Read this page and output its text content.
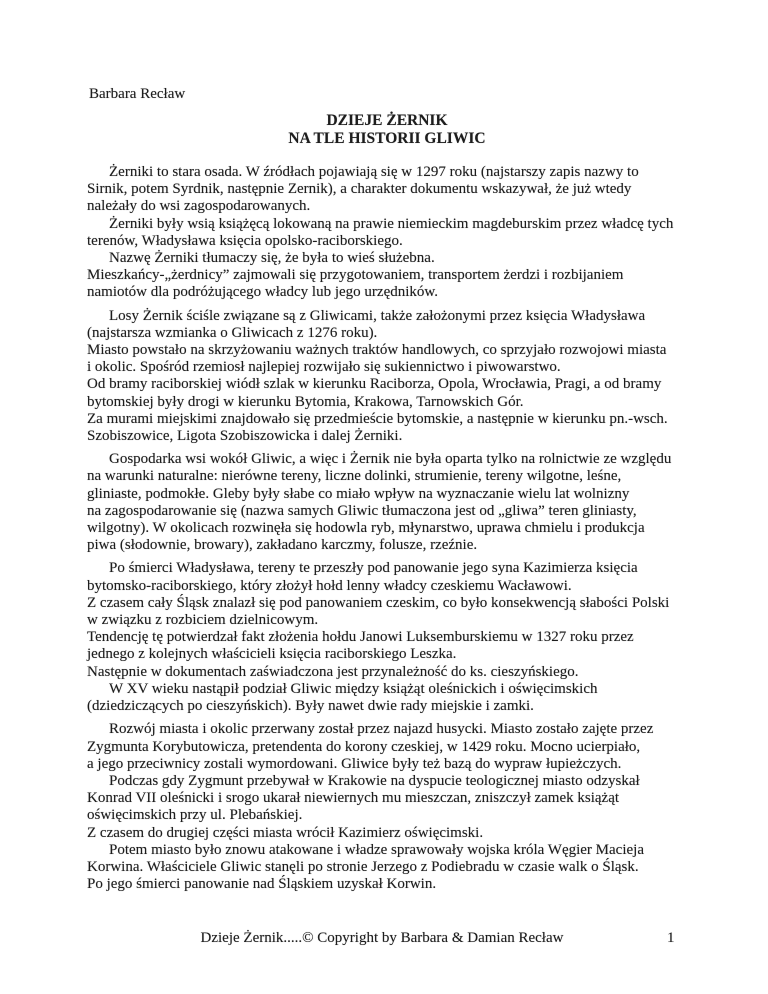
Barbara Recław
DZIEJE ŻERNIK
NA TLE HISTORII GLIWIC
Żerniki to stara osada. W źródłach pojawiają się w 1297 roku (najstarszy zapis nazwy to
Sirnik, potem Syrdnik, następnie Zernik), a charakter dokumentu wskazywał, że już wtedy
należały do wsi zagospodarowanych.
Żerniki były wsią książęcą lokowaną na prawie niemieckim magdeburskim przez władcę tych
terenów, Władysława księcia opolsko-raciborskiego.
Nazwę Żerniki tłumaczy się, że była to wieś służebna.
Mieszkańcy-„żerdnicy” zajmowali się przygotowaniem, transportem żerdzi i rozbijaniem
namiotów dla podróżującego władcy lub jego urzędników.
Losy Żernik ściśle związane są z Gliwicami, także założonymi przez księcia Władysława
(najstarsza wzmianka o Gliwicach z 1276 roku).
Miasto powstało na skrzyżowaniu ważnych traktów handlowych, co sprzyjało rozwojowi miasta
i okolic. Spośród rzemiosł najlepiej rozwijało się sukiennictwo i piwowarstwo.
Od bramy raciborskiej wiódł szlak w kierunku Raciborza, Opola, Wrocławia, Pragi, a od bramy
bytomskiej były drogi w kierunku Bytomia, Krakowa, Tarnowskich Gór.
Za murami miejskimi znajdowało się przedmieście bytomskie, a następnie w kierunku pn.-wsch.
Szobiszowice, Ligota Szobiszowicka i dalej Żerniki.
Gospodarka wsi wokół Gliwic, a więc i Żernik nie była oparta tylko na rolnictwie ze względu
na warunki naturalne: nierówne tereny, liczne dolinki, strumienie, tereny wilgotne, leśne,
gliniaste, podmokłe. Gleby były słabe co miało wpływ na wyznaczanie wielu lat wolnizny
na zagospodarowanie się (nazwa samych Gliwic tłumaczona jest od „gliwa” teren gliniasty,
wilgotny). W okolicach rozwinęła się hodowla ryb, młynarstwo, uprawa chmielu i produkcja
piwa (słodownie, browary), zakładano karczmy, folusze, rzeźnie.
Po śmierci Władysława, tereny te przeszły pod panowanie jego syna Kazimierza księcia
bytomsko-raciborskiego, który złożył hołd lenny władcy czeskiemu Wacławowi.
Z czasem cały Śląsk znalazł się pod panowaniem czeskim, co było konsekwencją słabości Polski
w związku z rozbiciem dzielnicowym.
Tendencję tę potwierdzał fakt złożenia hołdu Janowi Luksemburskiemu w 1327 roku przez
jednego z kolejnych właścicieli księcia raciborskiego Leszka.
Następnie w dokumentach zaświadczona jest przynależność do ks. cieszyńskiego.
W XV wieku nastąpił podział Gliwic między książąt oleśnickich i oświęcimskich
(dziedziczących po cieszyńskich). Były nawet dwie rady miejskie i zamki.
Rozwój miasta i okolic przerwany został przez najazd husycki. Miasto zostało zajęte przez
Zygmunta Korybutowicza, pretendenta do korony czeskiej, w 1429 roku. Mocno ucierpiało,
a jego przeciwnicy zostali wymordowani. Gliwice były też bazą do wypraw łupieżczych.
Podczas gdy Zygmunt przebywał w Krakowie na dyspucie teologicznej miasto odzyskał
Konrad VII oleśnicki i srogo ukarał niewiernych mu mieszczan, zniszczył zamek książąt
oświęcimskich przy ul. Plebańskiej.
Z czasem do drugiej części miasta wrócił Kazimierz oświęcimski.
Potem miasto było znowu atakowane i władze sprawowały wojska króla Węgier Macieja
Korwina. Właściciele Gliwic stanęli po stronie Jerzego z Podiebradu w czasie walk o Śląsk.
Po jego śmierci panowanie nad Śląskiem uzyskał Korwin.
Dzieje Żernik.....© Copyright by Barbara & Damian Recław	1
